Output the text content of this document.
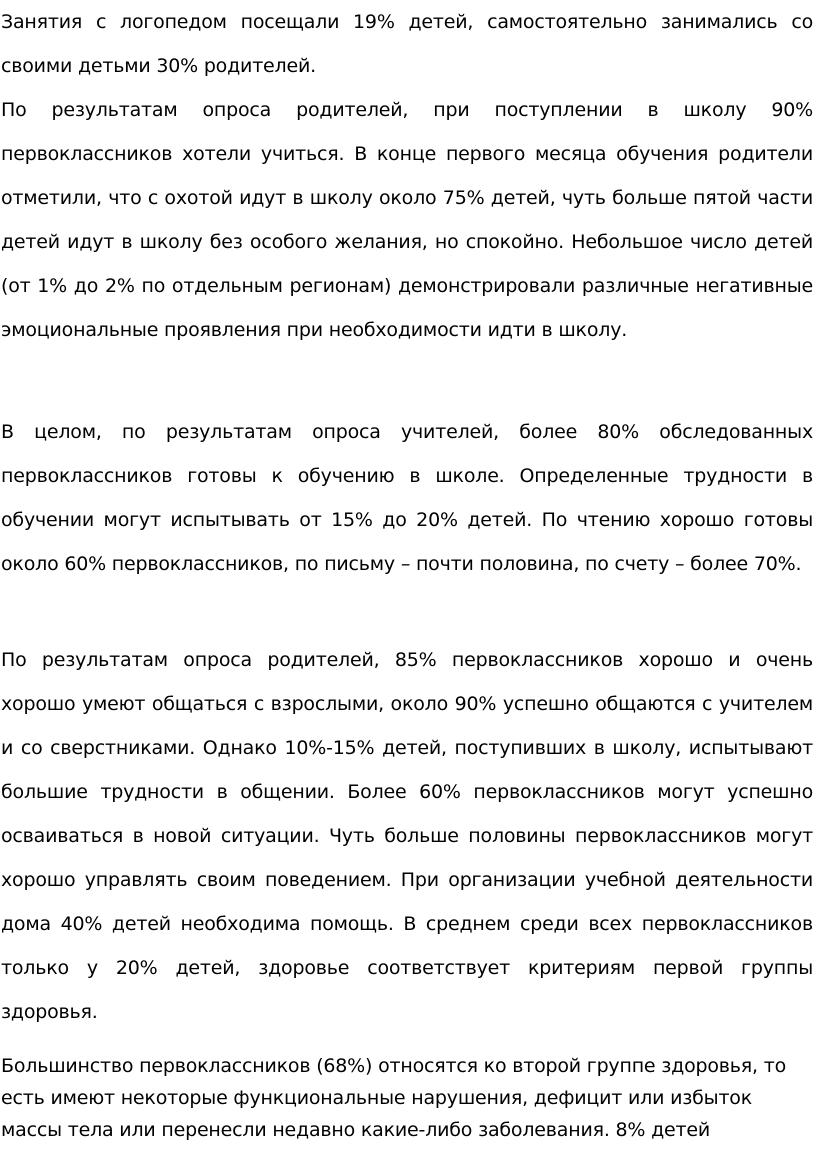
Занятия с логопедом посещали 19% детей, самостоятельно занимались со своими детьми 30% родителей.

По результатам опроса родителей, при поступлении в школу 90% первоклассников хотели учиться. В конце первого месяца обучения родители отметили, что с охотой идут в школу около 75% детей, чуть больше пятой части детей идут в школу без особого желания, но спокойно. Небольшое число детей (от 1% до 2% по отдельным регионам) демонстрировали различные негативные эмоциональные проявления при необходимости идти в школу.

В целом, по результатам опроса учителей, более 80% обследованных первоклассников готовы к обучению в школе. Определенные трудности в обучении могут испытывать от 15% до 20% детей. По чтению хорошо готовы около 60% первоклассников, по письму – почти половина, по счету – более 70%.

По результатам опроса родителей, 85% первоклассников хорошо и очень хорошо умеют общаться с взрослыми, около 90% успешно общаются с учителем и со сверстниками. Однако 10%-15% детей, поступивших в школу, испытывают большие трудности в общении. Более 60% первоклассников могут успешно осваиваться в новой ситуации. Чуть больше половины первоклассников могут хорошо управлять своим поведением. При организации учебной деятельности дома 40% детей необходима помощь. В среднем среди всех первоклассников только у 20% детей, здоровье соответствует критериям первой группы здоровья.

Большинство первоклассников (68%) относятся ко второй группе здоровья, то есть имеют некоторые функциональные нарушения, дефицит или избыток массы тела или перенесли недавно какие-либо заболевания. 8% детей
